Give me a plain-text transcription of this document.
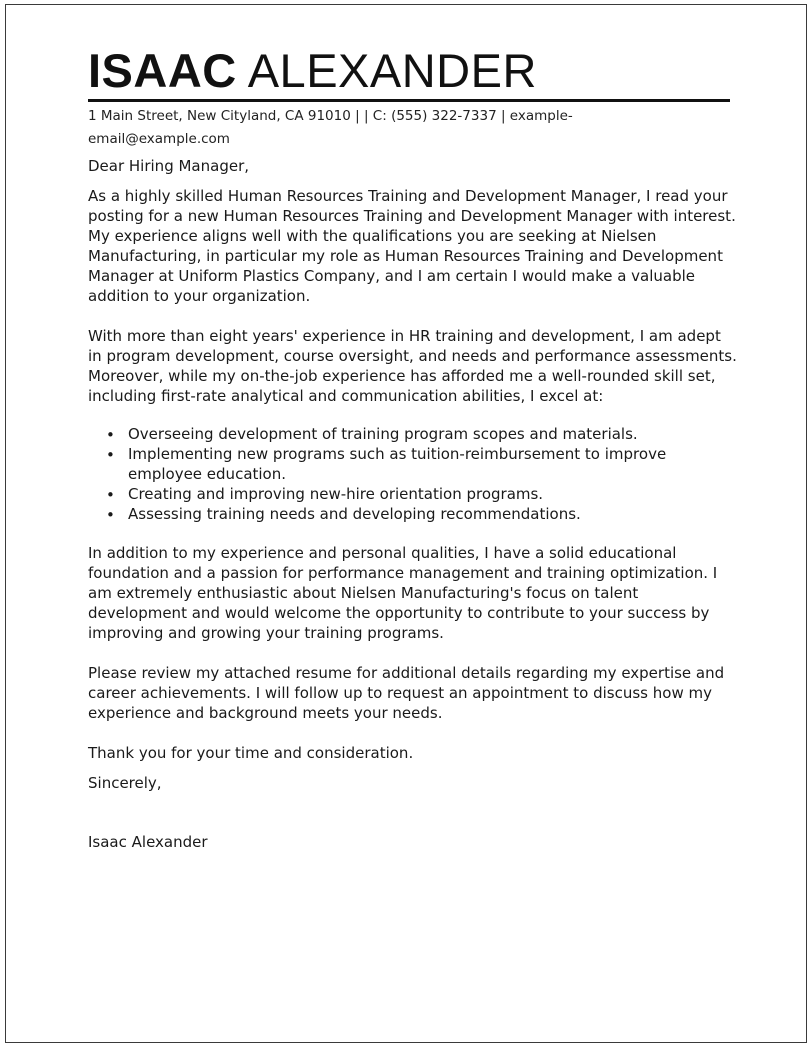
ISAAC ALEXANDER
1 Main Street, New Cityland, CA 91010 | | C: (555) 322-7337 | example-email@example.com

Dear Hiring Manager,

As a highly skilled Human Resources Training and Development Manager, I read your posting for a new Human Resources Training and Development Manager with interest. My experience aligns well with the qualifications you are seeking at Nielsen Manufacturing, in particular my role as Human Resources Training and Development Manager at Uniform Plastics Company, and I am certain I would make a valuable addition to your organization.

With more than eight years' experience in HR training and development, I am adept in program development, course oversight, and needs and performance assessments. Moreover, while my on-the-job experience has afforded me a well-rounded skill set, including first-rate analytical and communication abilities, I excel at:

• Overseeing development of training program scopes and materials.
• Implementing new programs such as tuition-reimbursement to improve employee education.
• Creating and improving new-hire orientation programs.
• Assessing training needs and developing recommendations.

In addition to my experience and personal qualities, I have a solid educational foundation and a passion for performance management and training optimization. I am extremely enthusiastic about Nielsen Manufacturing's focus on talent development and would welcome the opportunity to contribute to your success by improving and growing your training programs.

Please review my attached resume for additional details regarding my expertise and career achievements. I will follow up to request an appointment to discuss how my experience and background meets your needs.

Thank you for your time and consideration.

Sincerely,

Isaac Alexander
